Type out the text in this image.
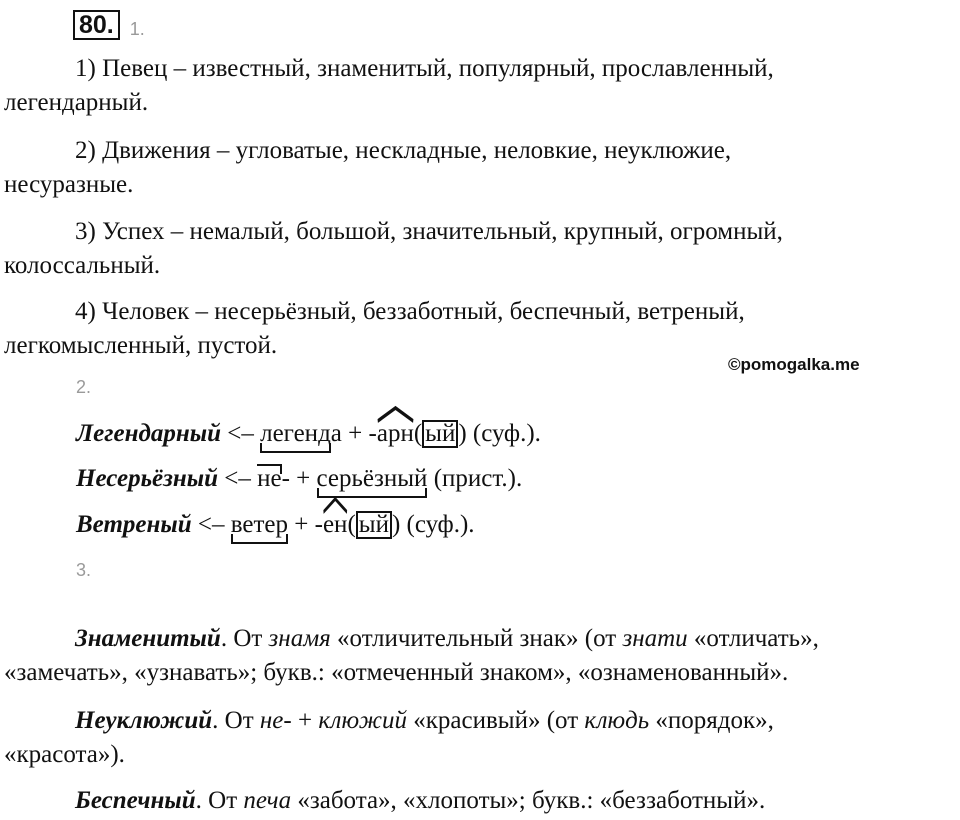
80. 1.

1) Певец – известный, знаменитый, популярный, прославленный,
легендарный.

2) Движения – угловатые, нескладные, неловкие, неуклюжие,
несуразные.

3) Успех – немалый, большой, значительный, крупный, огромный,
колоссальный.

4) Человек – несерьёзный, беззаботный, беспечный, ветреный,
легкомысленный, пустой.

©pomogalka.me
2.
Легендарный <– легенда + -
арн( ый ) (суф.).
Несерьёзный <– не- + серьёзный (прист.).
Ветреный <– ветер + -
ен( ый ) (суф.).
3.

Знаменитый. От знамя «отличительный знак» (от знати «отличать»,
«замечать», «узнавать»; букв.: «отмеченный знаком», «ознаменованный».

Неуклюжий. От не- + клюжий «красивый» (от клюдь «порядок»,
«красота»).

Беспечный. От печа «забота», «хлопоты»; букв.: «беззаботный».
